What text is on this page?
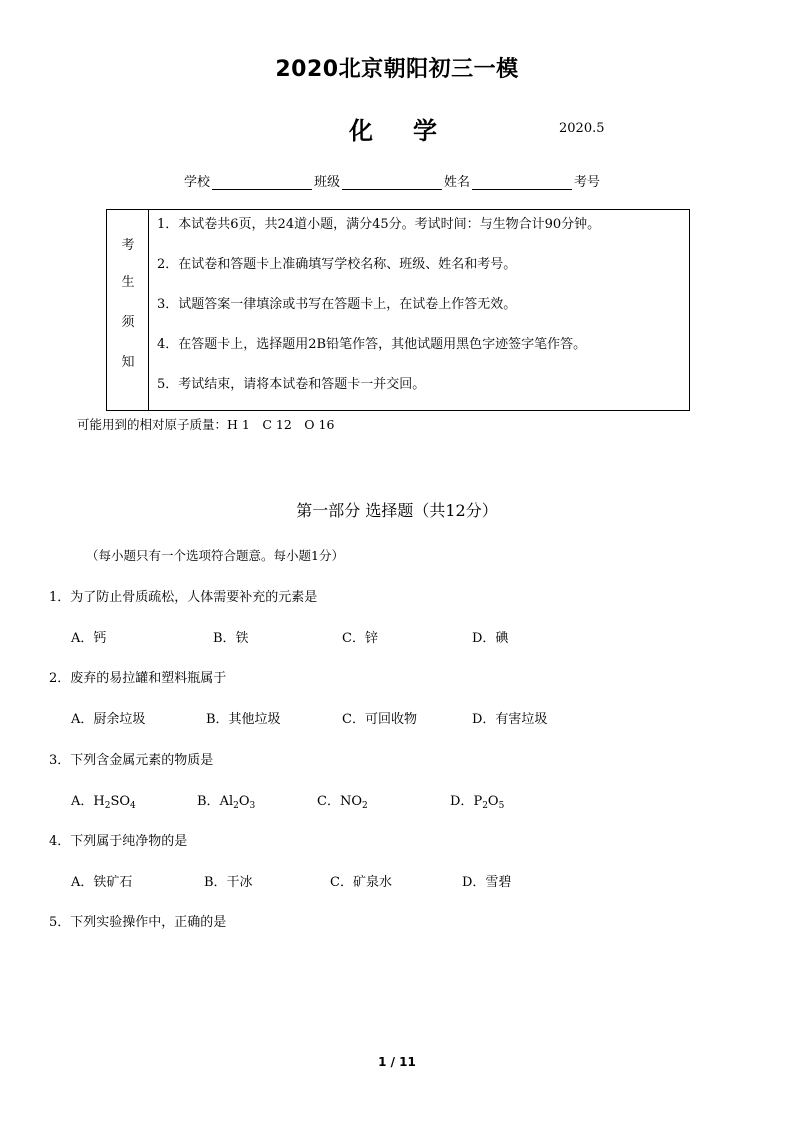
2020北京朝阳初三一模
化学	2020.5
学校	班级	姓名	考号
考
生
须
知
1．本试卷共6页，共24道小题，满分45分。考试时间：与生物合计90分钟。
2．在试卷和答题卡上准确填写学校名称、班级、姓名和考号。
3．试题答案一律填涂或书写在答题卡上，在试卷上作答无效。
4．在答题卡上，选择题用2B铅笔作答，其他试题用黑色字迹签字笔作答。
5．考试结束，请将本试卷和答题卡一并交回。
可能用到的相对原子质量：H 1　C 12　O 16
第一部分 选择题（共12分）
（每小题只有一个选项符合题意。每小题1分）
1．为了防止骨质疏松，人体需要补充的元素是
A．钙	B．铁	C．锌	D．碘
2．废弃的易拉罐和塑料瓶属于
A．厨余垃圾	B．其他垃圾	C．可回收物	D．有害垃圾
3．下列含金属元素的物质是
A．$H_2SO_4$	B．$Al_2O_3$	C．$NO_2$	D．$P_2O_5$
4．下列属于纯净物的是
A．铁矿石	B．干冰	C．矿泉水	D．雪碧
5．下列实验操作中，正确的是
1 / 11
